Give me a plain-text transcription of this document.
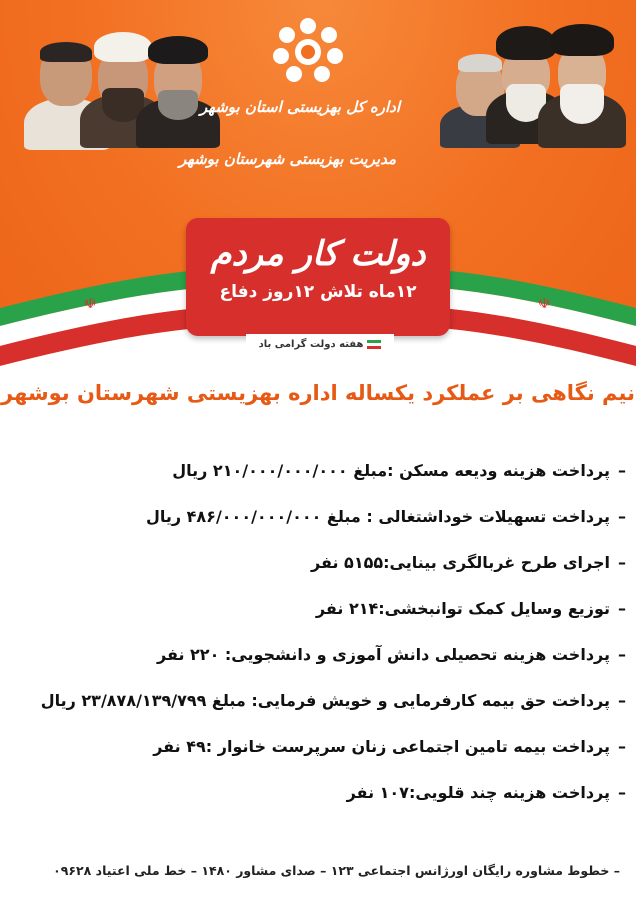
اداره کل بهزیستی استان بوشهر
مدیریت بهزیستی شهرستان بوشهر
☫	☫
دولت کار مردم
۱۲ماه تلاش ۱۲روز دفاع
هفته دولت گرامی باد
نیم نگاهی بر عملکرد یکساله اداره بهزیستی شهرستان بوشهر
–پرداخت هزینه ودیعه مسکن :مبلغ ۲۱۰/۰۰۰/۰۰۰/۰۰۰ ریال
–پرداخت تسهیلات خوداشتغالی : مبلغ ۴۸۶/۰۰۰/۰۰۰/۰۰۰ ریال
–اجرای طرح غربالگری بینایی:۵۱۵۵ نفر
–توزیع وسایل کمک توانبخشی:۲۱۴ نفر
–پرداخت هزینه تحصیلی دانش آموزی و دانشجویی: ۲۲۰ نفر
–پرداخت حق بیمه کارفرمایی و خویش فرمایی: مبلغ ۲۳/۸۷۸/۱۳۹/۷۹۹ ریال
–پرداخت بیمه تامین اجتماعی زنان سرپرست خانوار :۴۹ نفر
–پرداخت هزینه چند قلویی:۱۰۷ نفر
– خطوط مشاوره رایگان اورژانس اجتماعی ۱۲۳ – صدای مشاور ۱۴۸۰ – خط ملی اعتیاد ۰۹۶۲۸
